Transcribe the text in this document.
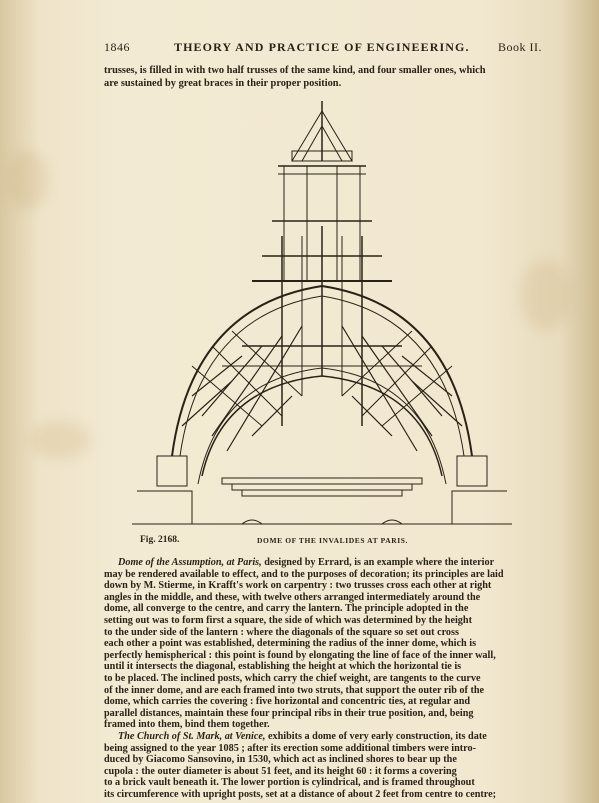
1846	THEORY AND PRACTICE OF ENGINEERING. Book II.
trusses, is filled in with two half trusses of the same kind, and four smaller ones, which
are sustained by great braces in their proper position.
Fig. 2168.	DOME OF THE INVALIDES AT PARIS.
Dome of the Assumption, at Paris, designed by Errard, is an example where the interior
may be rendered available to effect, and to the purposes of decoration; its principles are laid
down by M. Stierme, in Krafft's work on carpentry : two trusses cross each other at right
angles in the middle, and these, with twelve others arranged intermediately around the
dome, all converge to the centre, and carry the lantern. The principle adopted in the
setting out was to form first a square, the side of which was determined by the height
to the under side of the lantern : where the diagonals of the square so set out cross
each other a point was established, determining the radius of the inner dome, which is
perfectly hemispherical : this point is found by elongating the line of face of the inner wall,
until it intersects the diagonal, establishing the height at which the horizontal tie is
to be placed. The inclined posts, which carry the chief weight, are tangents to the curve
of the inner dome, and are each framed into two struts, that support the outer rib of the
dome, which carries the covering : five horizontal and concentric ties, at regular and
parallel distances, maintain these four principal ribs in their true position, and, being
framed into them, bind them together.
The Church of St. Mark, at Venice, exhibits a dome of very early construction, its date
being assigned to the year 1085 ; after its erection some additional timbers were intro-
duced by Giacomo Sansovino, in 1530, which act as inclined shores to bear up the
cupola : the outer diameter is about 51 feet, and its height 60 : it forms a covering
to a brick vault beneath it. The lower portion is cylindrical, and is framed throughout
its circumference with upright posts, set at a distance of about 2 feet from centre to centre;
